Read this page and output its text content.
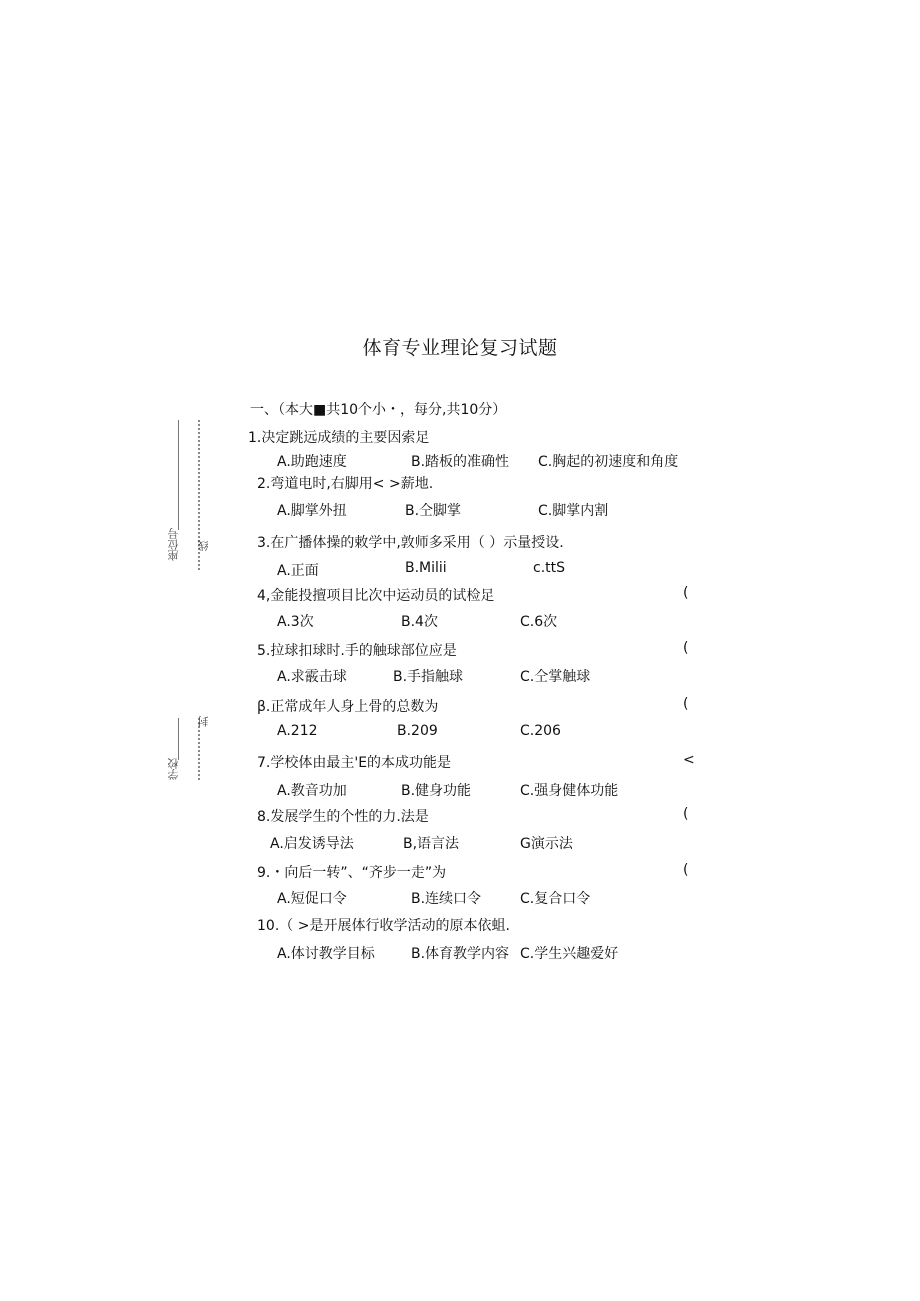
座位号 线
学校
封
体育专业理论复习试题
一、（本大■共10个小・，每分,共10分）
1.决定跳远成绩的主要因索足
A.助跑速度	B.踏板的准确性 C.胸起的初速度和角度
2.弯道电时,右脚用< >薪地.
A.脚掌外扭	B.仝脚掌	C.脚掌内割
3.在广播体操的敕学中,敦师多采用（ ）示量授设.
A.正面	B.Milii	c.ttS
4,金能投擅项目比次中运动员的试检足	(
A.3次	B.4次	C.6次
5.拉球扣球时.手的触球部位应是	(
A.求霰击球	B.手指触球	C.仝掌触球
β.正常成年人身上骨的总数为	(
A.212	B.209	C.206
7.学校体由最主'E的本成功能是	<
A.教音功加	B.健身功能	C.强身健体功能
8.发展学生的个性的力.法是	(
A.启发诱导法	B,语言法	G演示法
9.・向后一转”、“齐步一走”为	(
A.短促口令	B.连续口令	C.复合口令
10.（ >是开展体行收学活动的原本依蛆.
A.体讨教学目标	B.体育教学内容 C.学生兴趣爱好
